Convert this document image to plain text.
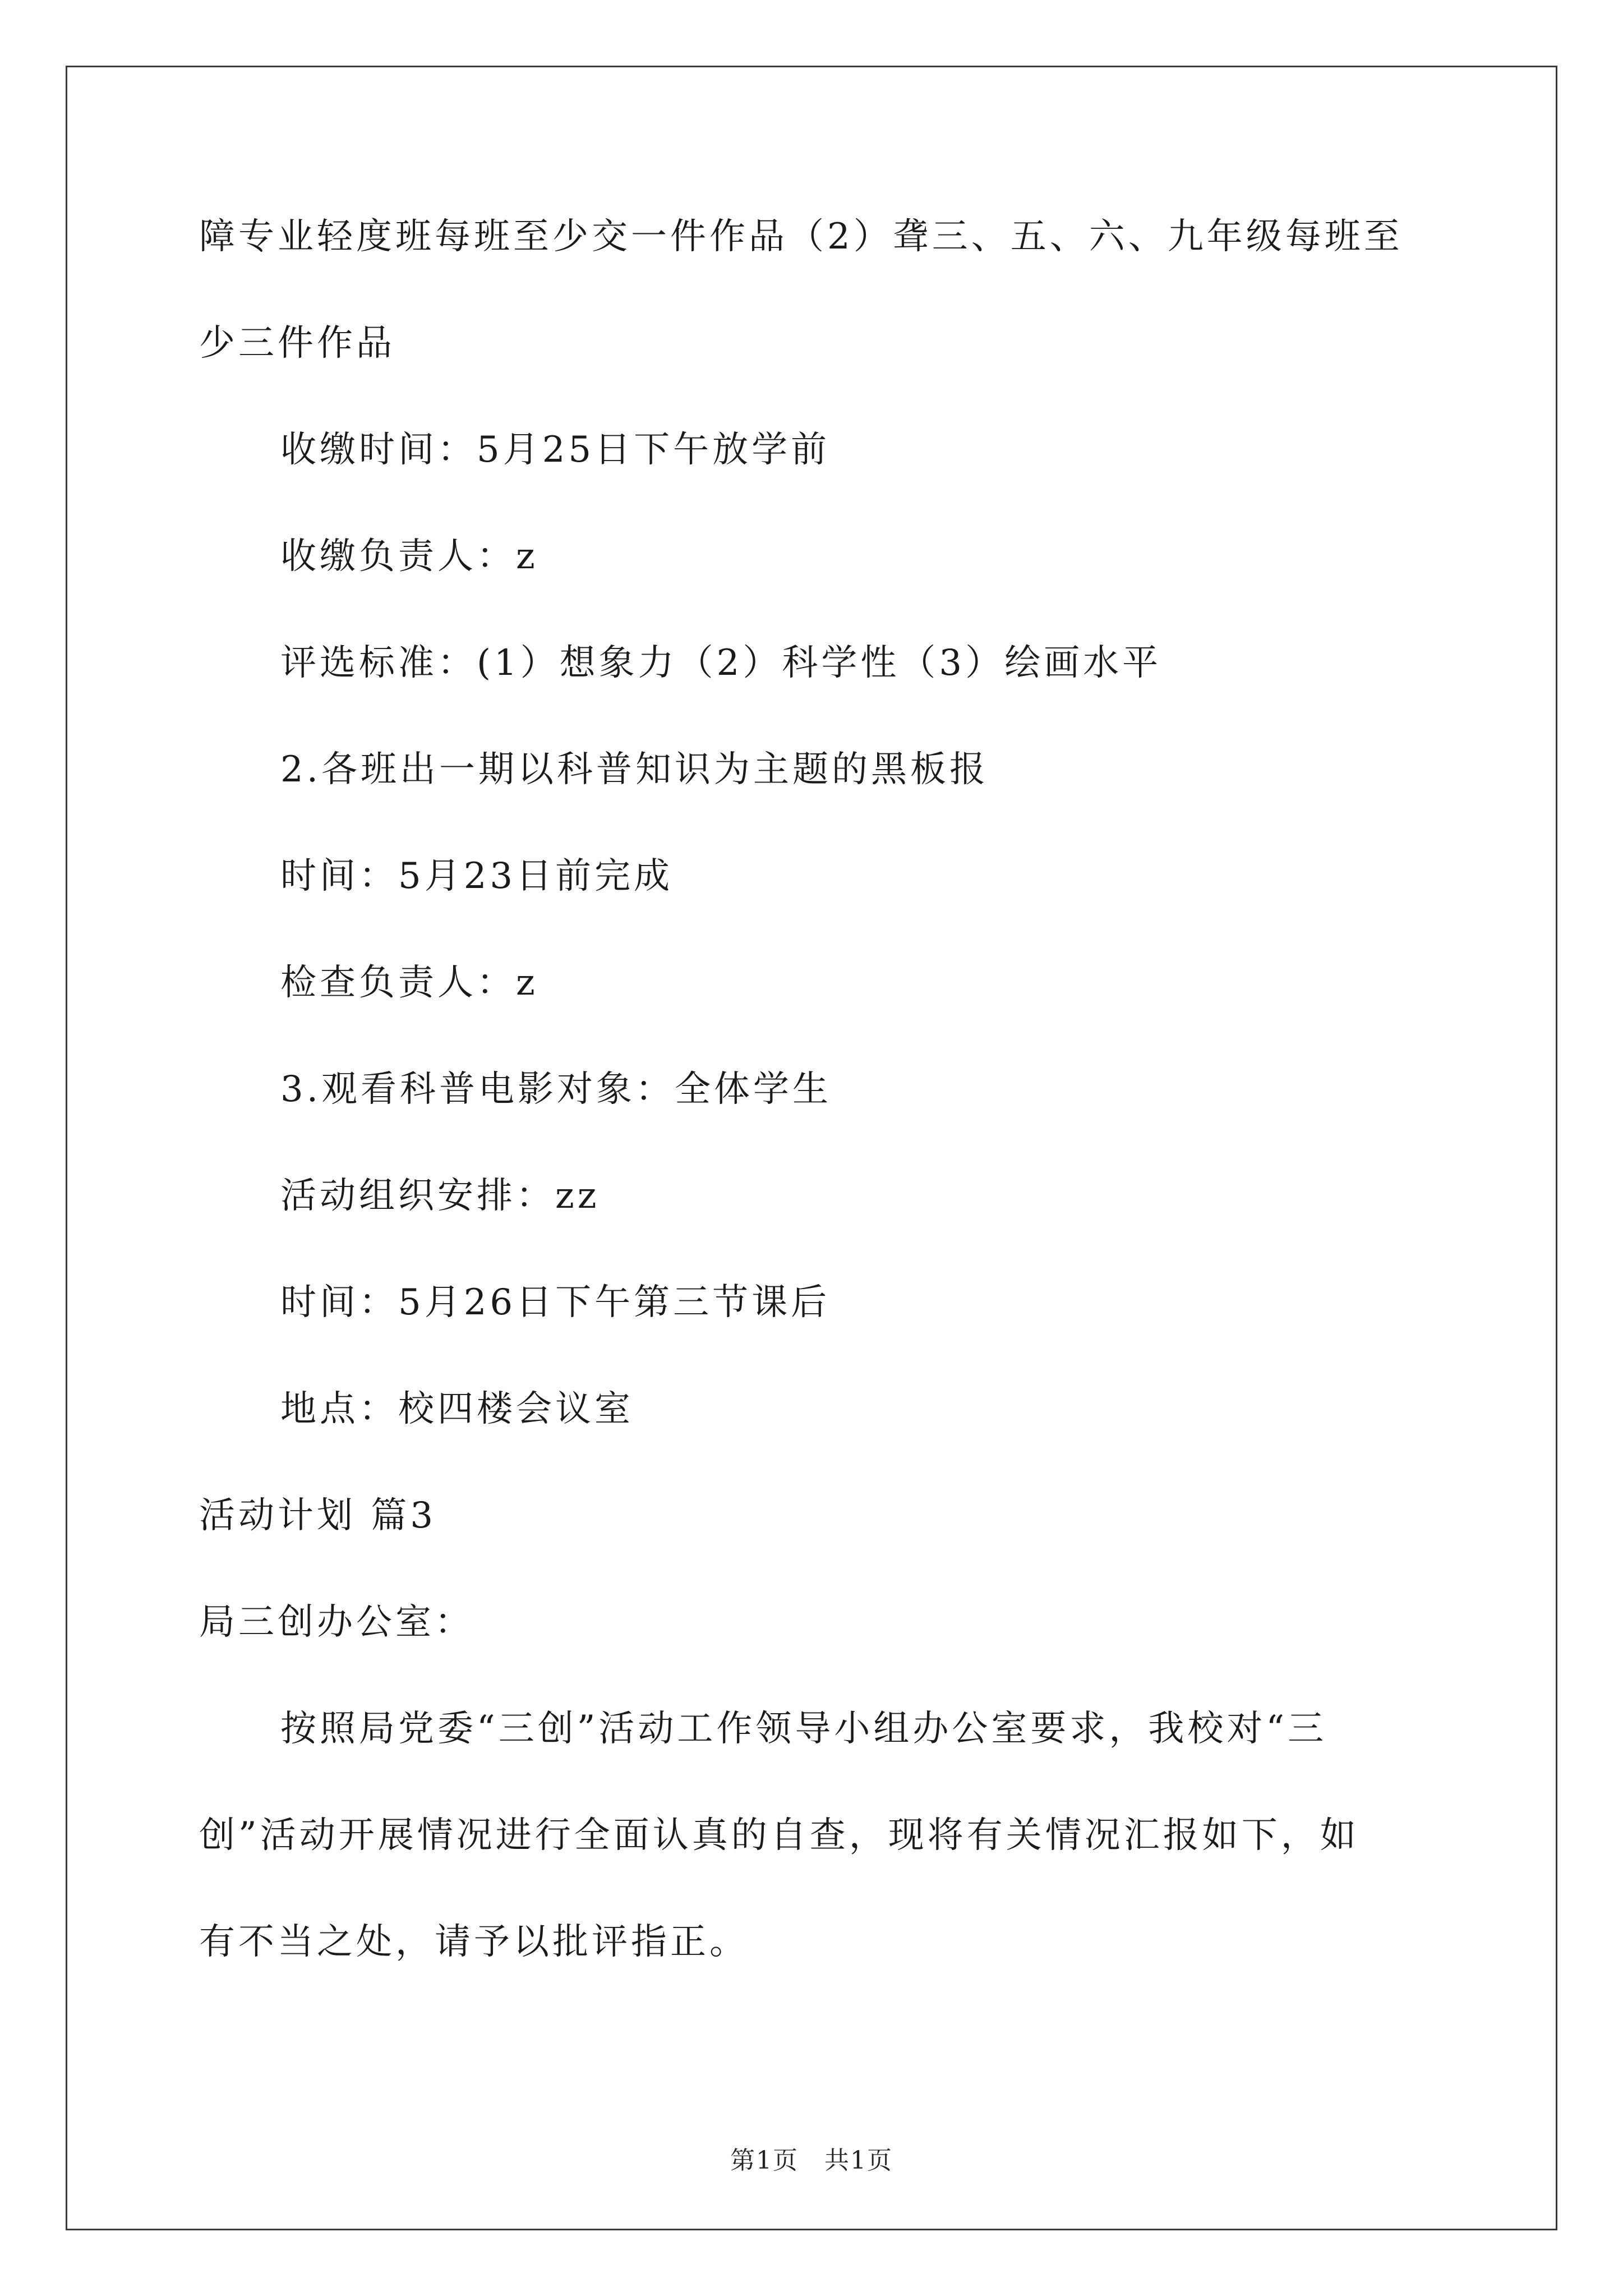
障专业轻度班每班至少交一件作品（2）聋三、五、六、九年级每班至
少三件作品
收缴时间：5月25日下午放学前
收缴负责人：z
评选标准：(1）想象力（2）科学性（3）绘画水平
2.各班出一期以科普知识为主题的黑板报
时间：5月23日前完成
检查负责人：z
3.观看科普电影对象：全体学生
活动组织安排：zz
时间：5月26日下午第三节课后
地点：校四楼会议室
活动计划 篇3
局三创办公室：
按照局党委“三创”活动工作领导小组办公室要求，我校对“三
创”活动开展情况进行全面认真的自查，现将有关情况汇报如下，如
有不当之处，请予以批评指正。
第1页　共1页
